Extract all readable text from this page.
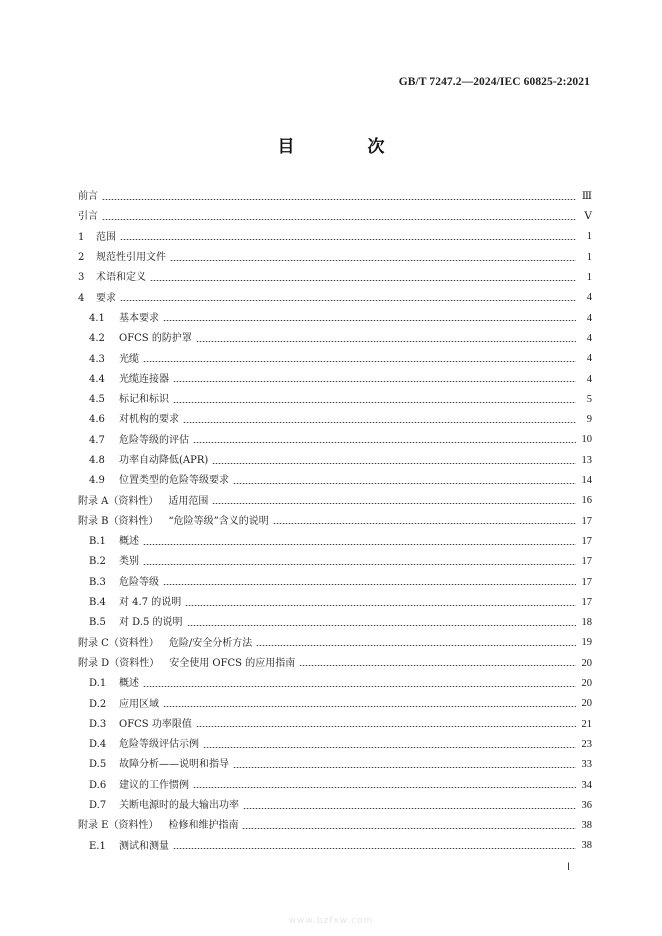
GB/T 7247.2—2024/IEC 60825-2:2021
目　次
前言	Ⅲ
引言	Ⅴ
1	范围	1
2	规范性引用文件	1
3	术语和定义	1
4	要求	4
4.1	基本要求	4
4.2	OFCS 的防护罩	4
4.3	光缆	4
4.4	光缆连接器	4
4.5	标记和标识	5
4.6	对机构的要求	9
4.7	危险等级的评估	10
4.8	功率自动降低(APR)	13
4.9	位置类型的危险等级要求	14
附录 A（资料性） 适用范围	16
附录 B（资料性） “危险等级”含义的说明	17
B.1	概述	17
B.2	类别	17
B.3	危险等级	17
B.4	对 4.7 的说明	17
B.5	对 D.5 的说明	18
附录 C（资料性） 危险/安全分析方法	19
附录 D（资料性） 安全使用 OFCS 的应用指南	20
D.1	概述	20
D.2	应用区域	20
D.3	OFCS 功率限值	21
D.4	危险等级评估示例	23
D.5	故障分析——说明和指导	33
D.6	建议的工作惯例	34
D.7	关断电源时的最大输出功率	36
附录 E（资料性） 检修和维护指南	38
E.1	测试和测量	38
Ⅰ
www.bzfxw.com
